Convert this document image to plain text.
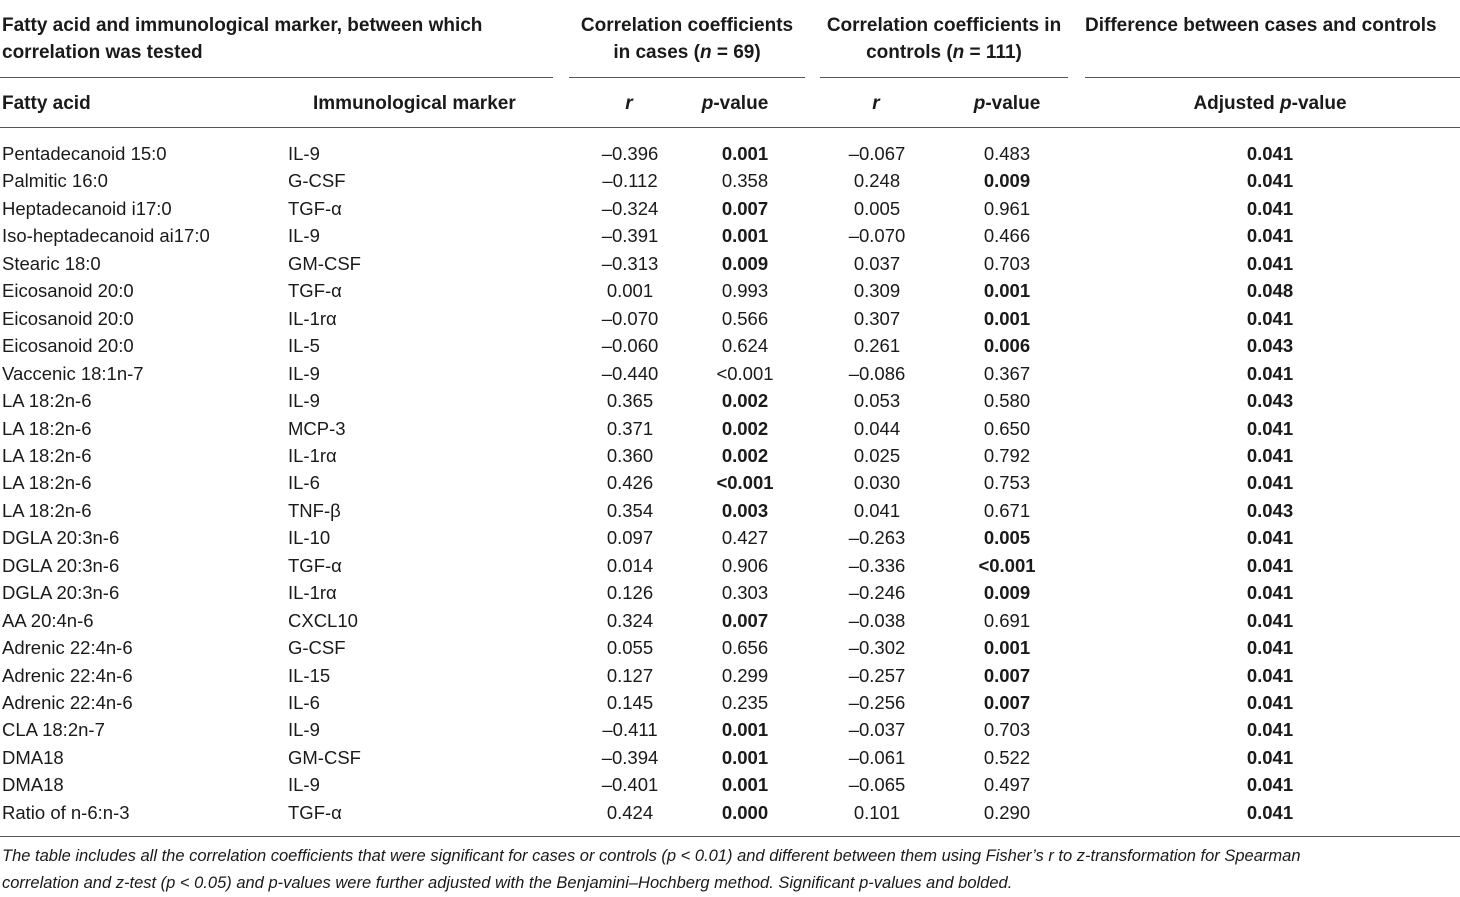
Fatty acid and immunological marker, between which
correlation was tested
Correlation coefficients
in cases (n = 69)
Correlation coefficients in
controls (n = 111)
Difference between cases and controls
Fatty acid	Immunological marker	r	p-value	r	p-value	Adjusted p-value
Pentadecanoid 15:0	IL-9	–0.396	0.001	–0.067	0.483	0.041
Palmitic 16:0	G-CSF	–0.112	0.358	0.248	0.009	0.041
Heptadecanoid i17:0	TGF-α	–0.324	0.007	0.005	0.961	0.041
Iso-heptadecanoid ai17:0	IL-9	–0.391	0.001	–0.070	0.466	0.041
Stearic 18:0	GM-CSF	–0.313	0.009	0.037	0.703	0.041
Eicosanoid 20:0	TGF-α	0.001	0.993	0.309	0.001	0.048
Eicosanoid 20:0	IL-1rα	–0.070	0.566	0.307	0.001	0.041
Eicosanoid 20:0	IL-5	–0.060	0.624	0.261	0.006	0.043
Vaccenic 18:1n-7	IL-9	–0.440	<0.001	–0.086	0.367	0.041
LA 18:2n-6	IL-9	0.365	0.002	0.053	0.580	0.043
LA 18:2n-6	MCP-3	0.371	0.002	0.044	0.650	0.041
LA 18:2n-6	IL-1rα	0.360	0.002	0.025	0.792	0.041
LA 18:2n-6	IL-6	0.426	<0.001	0.030	0.753	0.041
LA 18:2n-6	TNF-β	0.354	0.003	0.041	0.671	0.043
DGLA 20:3n-6	IL-10	0.097	0.427	–0.263	0.005	0.041
DGLA 20:3n-6	TGF-α	0.014	0.906	–0.336	<0.001	0.041
DGLA 20:3n-6	IL-1rα	0.126	0.303	–0.246	0.009	0.041
AA 20:4n-6	CXCL10	0.324	0.007	–0.038	0.691	0.041
Adrenic 22:4n-6	G-CSF	0.055	0.656	–0.302	0.001	0.041
Adrenic 22:4n-6	IL-15	0.127	0.299	–0.257	0.007	0.041
Adrenic 22:4n-6	IL-6	0.145	0.235	–0.256	0.007	0.041
CLA 18:2n-7	IL-9	–0.411	0.001	–0.037	0.703	0.041
DMA18	GM-CSF	–0.394	0.001	–0.061	0.522	0.041
DMA18	IL-9	–0.401	0.001	–0.065	0.497	0.041
Ratio of n-6:n-3	TGF-α	0.424	0.000	0.101	0.290	0.041
The table includes all the correlation coefficients that were significant for cases or controls (p < 0.01) and different between them using Fisher’s r to z-transformation for Spearman
correlation and z-test (p < 0.05) and p-values were further adjusted with the Benjamini–Hochberg method. Significant p-values and bolded.
